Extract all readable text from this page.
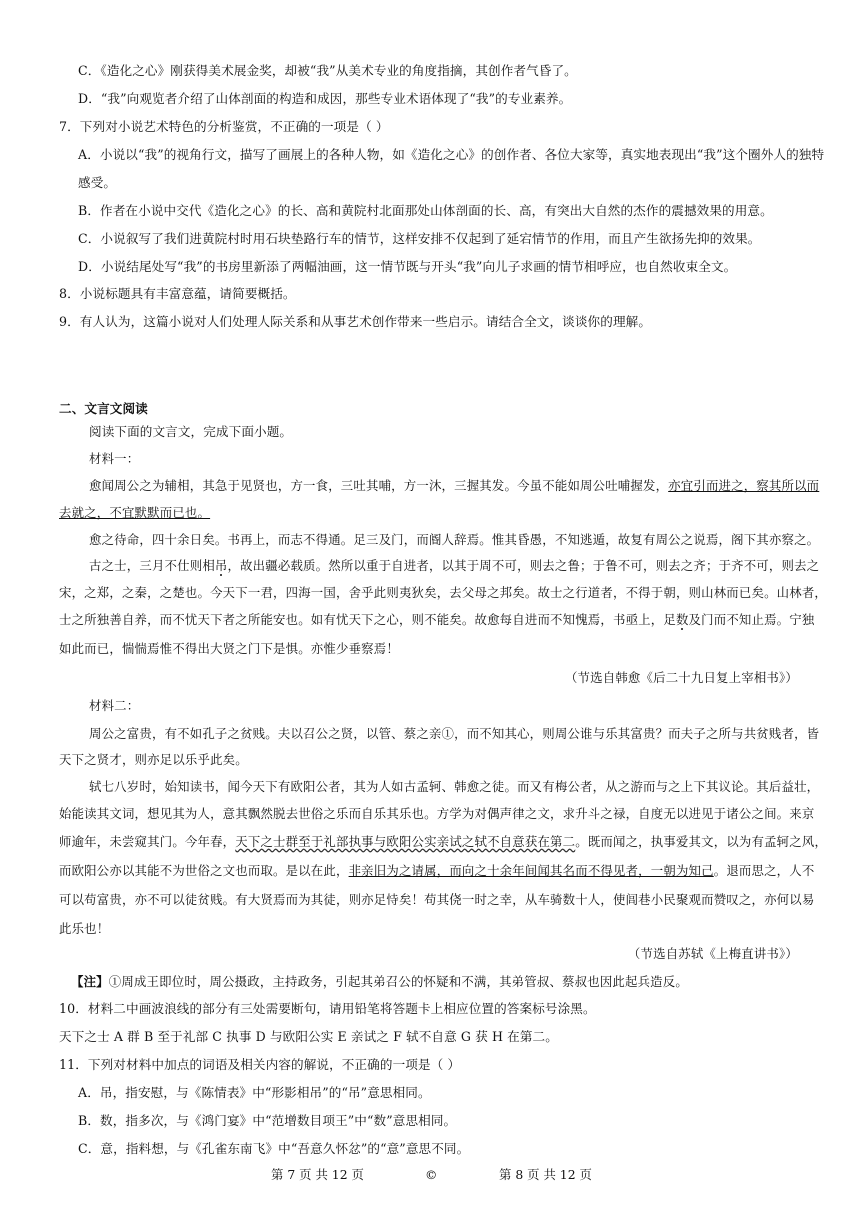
C．《造化之心》刚获得美术展金奖，却被“我”从美术专业的角度指摘，其创作者气昏了。
D．“我”向观览者介绍了山体剖面的构造和成因，那些专业术语体现了“我”的专业素养。
7．下列对小说艺术特色的分析鉴赏，不正确的一项是（ ）
A．小说以“我”的视角行文，描写了画展上的各种人物，如《造化之心》的创作者、各位大家等，真实地表现出“我”这个圈外人的独特
感受。
B．作者在小说中交代《造化之心》的长、高和黄院村北面那处山体剖面的长、高，有突出大自然的杰作的震撼效果的用意。
C．小说叙写了我们进黄院村时用石块垫路行车的情节，这样安排不仅起到了延宕情节的作用，而且产生欲扬先抑的效果。
D．小说结尾处写“我”的书房里新添了两幅油画，这一情节既与开头“我”向儿子求画的情节相呼应，也自然收束全文。
8．小说标题具有丰富意蕴，请简要概括。
9．有人认为，这篇小说对人们处理人际关系和从事艺术创作带来一些启示。请结合全文，谈谈你的理解。
二、文言文阅读
阅读下面的文言文，完成下面小题。
材料一：
愈闻周公之为辅相，其急于见贤也，方一食，三吐其哺，方一沐，三握其发。今虽不能如周公吐哺握发，亦宜引而进之，察其所以而
去就之，不宜默默而已也。
愈之待命，四十余日矣。书再上，而志不得通。足三及门，而阍人辞焉。惟其昏愚，不知逃遁，故复有周公之说焉，阁下其亦察之。
古之士，三月不仕则相吊，故出疆必载质。然所以重于自进者，以其于周不可，则去之鲁；于鲁不可，则去之齐；于齐不可，则去之
宋，之郑，之秦，之楚也。今天下一君，四海一国，舍乎此则夷狄矣，去父母之邦矣。故士之行道者，不得于朝，则山林而已矣。山林者，
士之所独善自养，而不忧天下者之所能安也。如有忧天下之心，则不能矣。故愈每自进而不知愧焉，书亟上，足数及门而不知止焉。宁独
如此而已，惴惴焉惟不得出大贤之门下是惧。亦惟少垂察焉！
（节选自韩愈《后二十九日复上宰相书》）
材料二：
周公之富贵，有不如孔子之贫贱。夫以召公之贤，以管、蔡之亲①，而不知其心，则周公谁与乐其富贵？而夫子之所与共贫贱者，皆
天下之贤才，则亦足以乐乎此矣。
轼七八岁时，始知读书，闻今天下有欧阳公者，其为人如古孟轲、韩愈之徒。而又有梅公者，从之游而与之上下其议论。其后益壮，
始能读其文词，想见其为人，意其飘然脱去世俗之乐而自乐其乐也。方学为对偶声律之文，求升斗之禄，自度无以进见于诸公之间。来京
师逾年，未尝窥其门。今年春，天下之士群至于礼部执事与欧阳公实亲试之轼不自意获在第二。既而闻之，执事爱其文，以为有孟轲之风，
而欧阳公亦以其能不为世俗之文也而取。是以在此，非亲旧为之请属，而向之十余年间闻其名而不得见者，一朝为知己。退而思之，人不
可以苟富贵，亦不可以徒贫贱。有大贤焉而为其徒，则亦足恃矣！苟其侥一时之幸，从车骑数十人，使闾巷小民聚观而赞叹之，亦何以易
此乐也！
（节选自苏轼《上梅直讲书》）
【注】①周成王即位时，周公摄政，主持政务，引起其弟召公的怀疑和不满，其弟管叔、蔡叔也因此起兵造反。
10．材料二中画波浪线的部分有三处需要断句，请用铅笔将答题卡上相应位置的答案标号涂黑。
天下之士 A 群 B 至于礼部 C 执事 D 与欧阳公实 E 亲试之 F 轼不自意 G 获 H 在第二。
11．下列对材料中加点的词语及相关内容的解说，不正确的一项是（ ）
A．吊，指安慰，与《陈情表》中“形影相吊”的“吊”意思相同。
B．数，指多次，与《鸿门宴》中“范增数目项王”中“数”意思相同。
C．意，指料想，与《孔雀东南飞》中“吾意久怀忿”的“意”意思不同。
第 7 页 共 12 页	©	第 8 页 共 12 页
